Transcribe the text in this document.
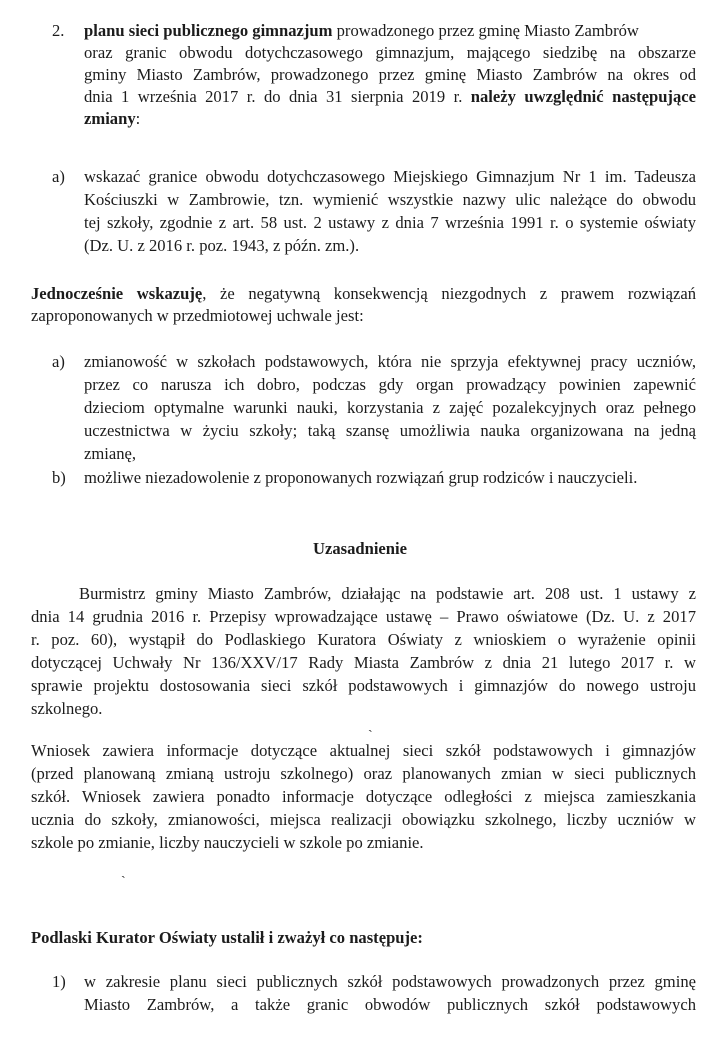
2. planu sieci publicznego gimnazjum prowadzonego przez gminę Miasto Zambrów
oraz granic obwodu dotychczasowego gimnazjum, mającego siedzibę na obszarze
gminy Miasto Zambrów, prowadzonego przez gminę Miasto Zambrów na okres od
dnia 1 września 2017 r. do dnia 31 sierpnia 2019 r. należy uwzględnić następujące
zmiany:
a) wskazać granice obwodu dotychczasowego Miejskiego Gimnazjum Nr 1 im. Tadeusza
Kościuszki w Zambrowie, tzn. wymienić wszystkie nazwy ulic należące do obwodu
tej szkoły, zgodnie z art. 58 ust. 2 ustawy z dnia 7 września 1991 r. o systemie oświaty
(Dz. U. z 2016 r. poz. 1943, z późn. zm.).
Jednocześnie wskazuję, że negatywną konsekwencją niezgodnych z prawem rozwiązań
zaproponowanych w przedmiotowej uchwale jest:
a) zmianowość w szkołach podstawowych, która nie sprzyja efektywnej pracy uczniów,
przez co narusza ich dobro, podczas gdy organ prowadzący powinien zapewnić
dzieciom optymalne warunki nauki, korzystania z zajęć pozalekcyjnych oraz pełnego
uczestnictwa w życiu szkoły; taką szansę umożliwia nauka organizowana na jedną
zmianę,
b) możliwe niezadowolenie z proponowanych rozwiązań grup rodziców i nauczycieli.
Uzasadnienie
Burmistrz gminy Miasto Zambrów, działając na podstawie art. 208 ust. 1 ustawy z
dnia 14 grudnia 2016 r. Przepisy wprowadzające ustawę – Prawo oświatowe (Dz. U. z 2017
r. poz. 60), wystąpił do Podlaskiego Kuratora Oświaty z wnioskiem o wyrażenie opinii
dotyczącej Uchwały Nr 136/XXV/17 Rady Miasta Zambrów z dnia 21 lutego 2017 r. w
sprawie projektu dostosowania sieci szkół podstawowych i gimnazjów do nowego ustroju
szkolnego.
ˏ
Wniosek zawiera informacje dotyczące aktualnej sieci szkół podstawowych i gimnazjów
(przed planowaną zmianą ustroju szkolnego) oraz planowanych zmian w sieci publicznych
szkół. Wniosek zawiera ponadto informacje dotyczące odległości z miejsca zamieszkania
ucznia do szkoły, zmianowości, miejsca realizacji obowiązku szkolnego, liczby uczniów w
szkole po zmianie, liczby nauczycieli w szkole po zmianie.
ˎ
Podlaski Kurator Oświaty ustalił i zważył co następuje:
1) w zakresie planu sieci publicznych szkół podstawowych prowadzonych przez gminę
Miasto Zambrów, a także granic obwodów publicznych szkół podstawowych
